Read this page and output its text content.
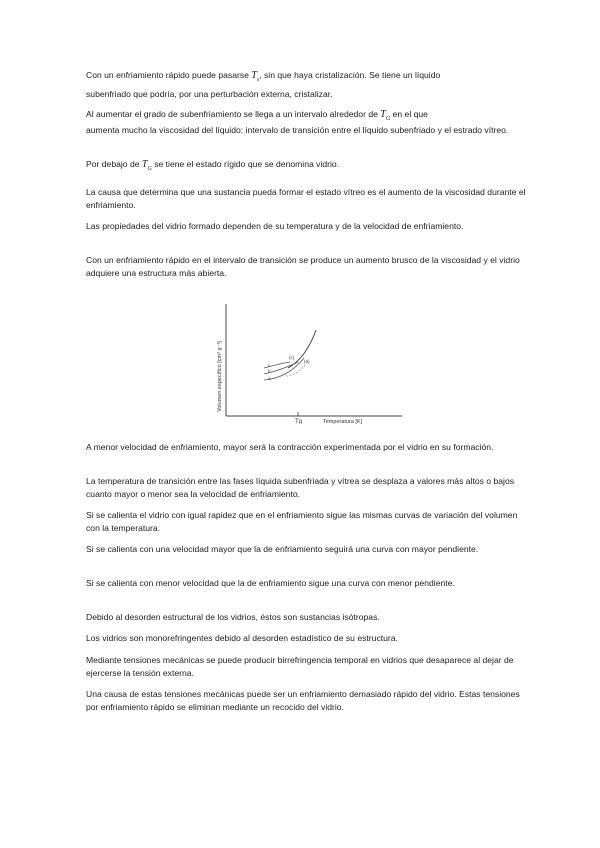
Con un enfriamiento rápido puede pasarse $T_s$, sin que haya cristalización. Se tiene un líquido

subenfriado que podría, por una perturbación externa, cristalizar.

Al aumentar el grado de subenfriamiento se llega a un intervalo alrededor de $T_G$ en el que

aumenta mucho la viscosidad del líquido: intervalo de transición entre el líquido subenfriado y el estrado vítreo.

Por debajo de $T_G$ se tiene el estado rígido que se denomina vidrio.

La causa que determina que una sustancia pueda formar el estado vítreo es el aumento de la viscosidad durante el enfriamiento.

Las propiedades del vidrio formado dependen de su temperatura y de la velocidad de enfriamiento.

Con un enfriamiento rápido en el intervalo de transición se produce un aumento brusco de la viscosidad y el vidrio adquiere una estructura más abierta.

A menor velocidad de enfriamiento, mayor será la contracción experimentada por el vidrio en su formación.

La temperatura de transición entre las fases líquida subenfriada y vítrea se desplaza a valores más altos o bajos cuanto mayor o menor sea la velocidad de enfriamiento.

Si se calienta el vidrio con igual rapidez que en el enfriamiento sigue las mismas curvas de variación del volumen con la temperatura.

Si se calienta con una velocidad mayor que la de enfriamiento seguirá una curva con mayor pendiente.

Si se calienta con menor velocidad que la de enfriamiento sigue una curva con menor pendiente.

Debido al desorden estructural de los vidrios, éstos son sustancias isótropas.

Los vidrios son monorefringentes debido al desorden estadístico de su estructura.

Mediante tensiones mecánicas se puede producir birrefringencia temporal en vidrios que desaparece al dejar de ejercerse la tensión externa.

Una causa de estas tensiones mecánicas puede ser un enfriamiento demasiado rápido del vidrio. Estas tensiones por enfriamiento rápido se eliminan mediante un recocido del vidrio.

Volumen específico [cm³ g⁻¹]
Temperatura [K]
Tg
c
b
a
(c)
(a)
